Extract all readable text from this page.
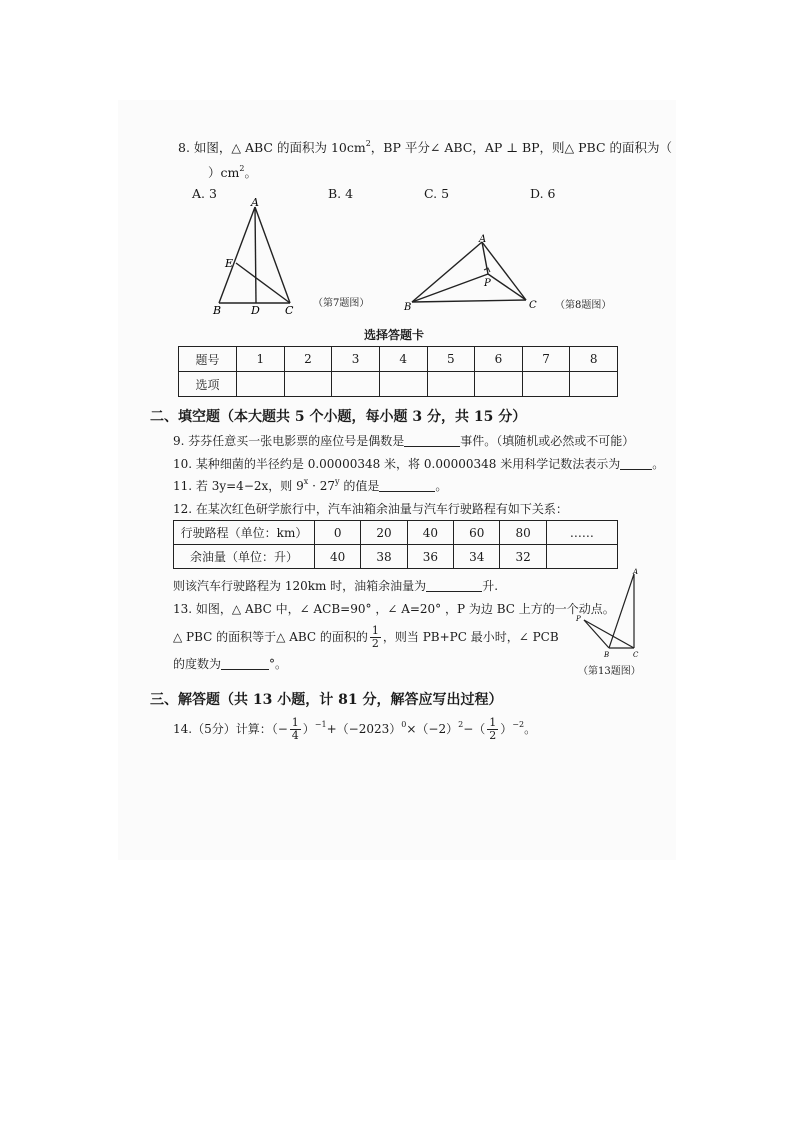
8. 如图，△ ABC 的面积为 $10cm^2$，BP 平分∠ ABC，AP ⊥ BP，则△ PBC 的面积为（
）$cm^2$。
A. 3	B. 4	C. 5	D. 6
A
E
B	D C
（第7题图）
A
P
B	C （第8题图）
选择答题卡
题号	1	2	3	4	5	6	7	8
选项								
二、填空题（本大题共 5 个小题，每小题 3 分，共 15 分）
9. 芬芬任意买一张电影票的座位号是偶数是	事件。（填随机或必然或不可能）
10. 某种细菌的半径约是 0.00000348 米，将 0.00000348 米用科学记数法表示为	。
11. 若 3y=4−2x，则 $9^x \cdot 27^y$ 的值是	。
12. 在某次红色研学旅行中，汽车油箱余油量与汽车行驶路程有如下关系：
行驶路程（单位：km）	0	20	40	60	80	……
余油量（单位：升）	40	38	36	34	32	
则该汽车行驶路程为 120km 时，油箱余油量为	升.
13. 如图，△ ABC 中，∠ ACB=90° ，∠ A=20° ，P 为边 BC 上方的一个动点。
△ PBC 的面积等于△ ABC 的面积的 $\frac{1}{2}$ ，则当 PB+PC 最小时，∠ PCB
的度数为	°。
A
P
B	C
（第13题图）
三、解答题（共 13 小题，计 81 分，解答应写出过程）
14.（5分）计算：（− $\frac{1}{4} )^{-1}+(-2023)^0\times(-2)^2-( \frac{1}{2} )^{-2}$。
